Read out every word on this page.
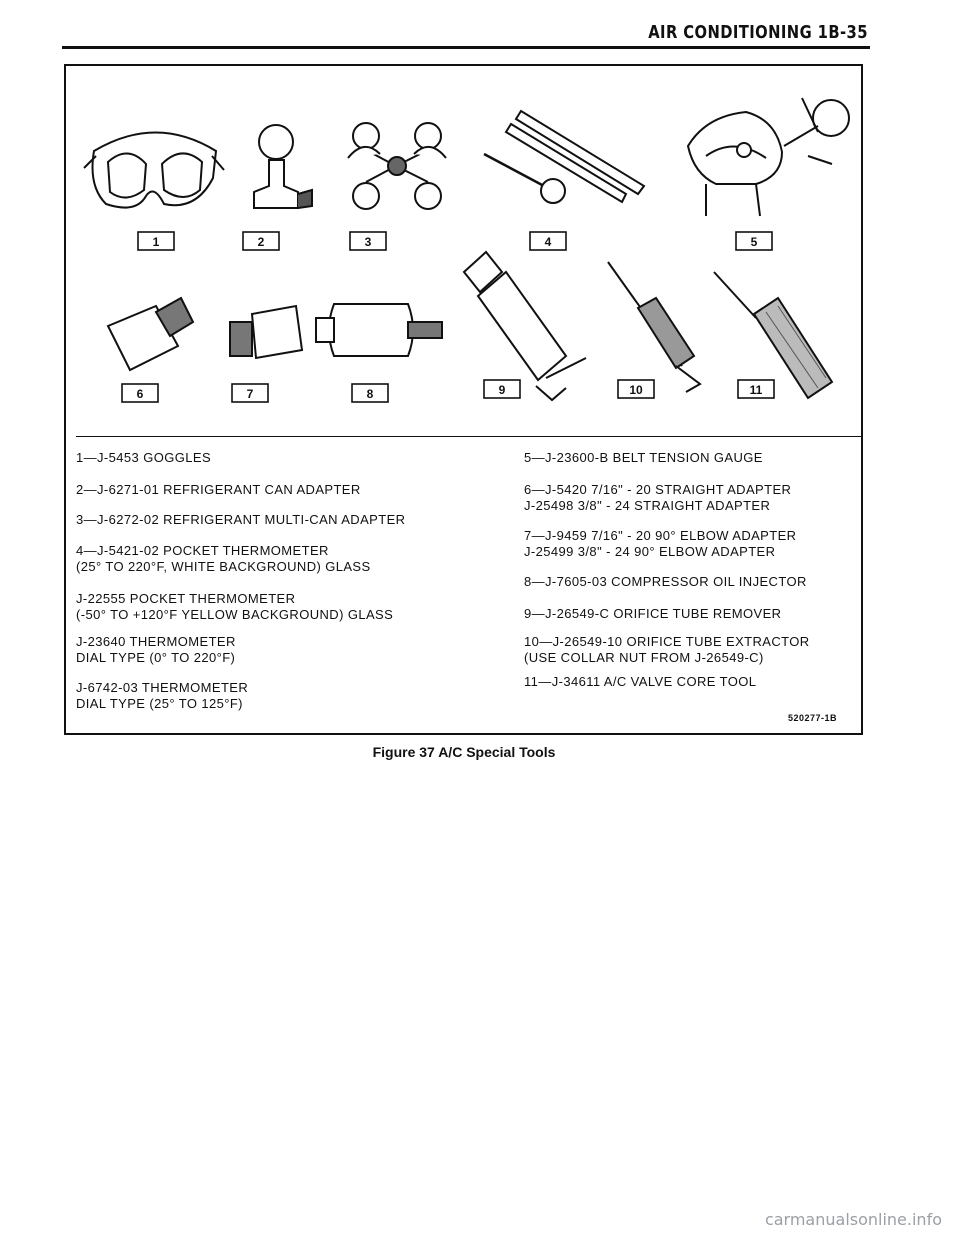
AIR CONDITIONING 1B-35
1	2	3	4	5
6	7	8	9	10	11
1—J-5453 GOGGLES
2—J-6271-01 REFRIGERANT CAN ADAPTER
3—J-6272-02 REFRIGERANT MULTI-CAN ADAPTER
4—J-5421-02 POCKET THERMOMETER
(25° TO 220°F, WHITE BACKGROUND) GLASS
J-22555 POCKET THERMOMETER
(-50° TO +120°F YELLOW BACKGROUND) GLASS
J-23640 THERMOMETER
DIAL TYPE (0° TO 220°F)
J-6742-03 THERMOMETER
DIAL TYPE (25° TO 125°F)
5—J-23600-B BELT TENSION GAUGE
6—J-5420 7/16" - 20 STRAIGHT ADAPTER
J-25498 3/8" - 24 STRAIGHT ADAPTER
7—J-9459 7/16" - 20 90° ELBOW ADAPTER
J-25499 3/8" - 24 90° ELBOW ADAPTER
8—J-7605-03 COMPRESSOR OIL INJECTOR
9—J-26549-C ORIFICE TUBE REMOVER
10—J-26549-10 ORIFICE TUBE EXTRACTOR
(USE COLLAR NUT FROM J-26549-C)
11—J-34611 A/C VALVE CORE TOOL
520277-1B
Figure 37 A/C Special Tools
carmanualsonline.info
